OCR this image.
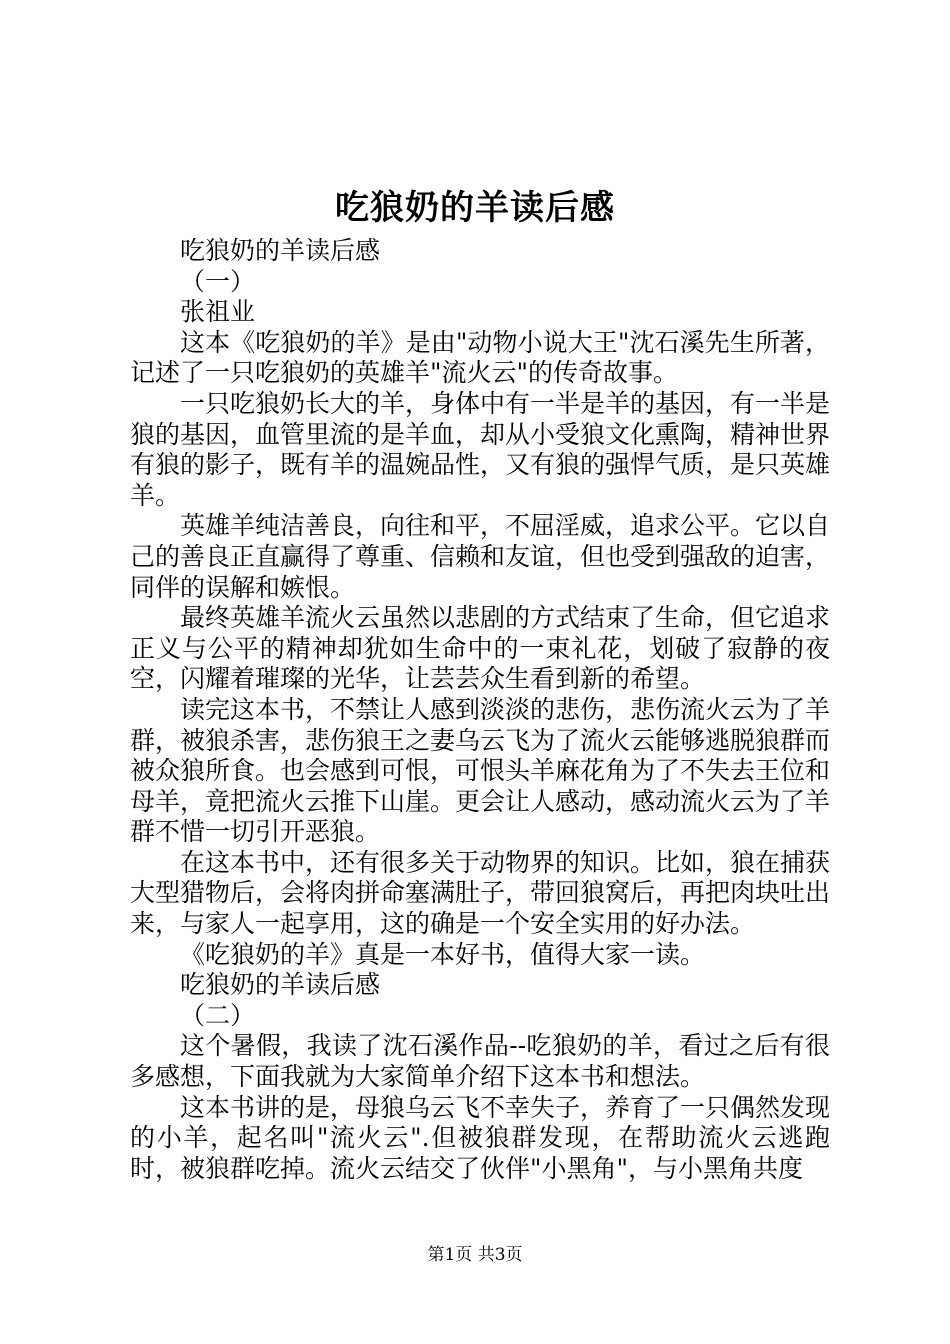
吃狼奶的羊读后感

吃狼奶的羊读后感

（一）

张祖业

这本《吃狼奶的羊》是由"动物小说大王"沈石溪先生所著，记述了一只吃狼奶的英雄羊"流火云"的传奇故事。

一只吃狼奶长大的羊，身体中有一半是羊的基因，有一半是狼的基因，血管里流的是羊血，却从小受狼文化熏陶，精神世界有狼的影子，既有羊的温婉品性，又有狼的强悍气质，是只英雄羊。

英雄羊纯洁善良，向往和平，不屈淫威，追求公平。它以自己的善良正直赢得了尊重、信赖和友谊，但也受到强敌的迫害，同伴的误解和嫉恨。

最终英雄羊流火云虽然以悲剧的方式结束了生命，但它追求正义与公平的精神却犹如生命中的一束礼花，划破了寂静的夜空，闪耀着璀璨的光华，让芸芸众生看到新的希望。

读完这本书，不禁让人感到淡淡的悲伤，悲伤流火云为了羊群，被狼杀害，悲伤狼王之妻乌云飞为了流火云能够逃脱狼群而被众狼所食。也会感到可恨，可恨头羊麻花角为了不失去王位和母羊，竟把流火云推下山崖。更会让人感动，感动流火云为了羊群不惜一切引开恶狼。

在这本书中，还有很多关于动物界的知识。比如，狼在捕获大型猎物后，会将肉拼命塞满肚子，带回狼窝后，再把肉块吐出来，与家人一起享用，这的确是一个安全实用的好办法。

《吃狼奶的羊》真是一本好书，值得大家一读。

吃狼奶的羊读后感

（二）

这个暑假，我读了沈石溪作品--吃狼奶的羊，看过之后有很多感想，下面我就为大家简单介绍下这本书和想法。

这本书讲的是，母狼乌云飞不幸失子，养育了一只偶然发现的小羊，起名叫"流火云".但被狼群发现，在帮助流火云逃跑时，被狼群吃掉。流火云结交了伙伴"小黑角"，与小黑角共度

第1页 共3页
